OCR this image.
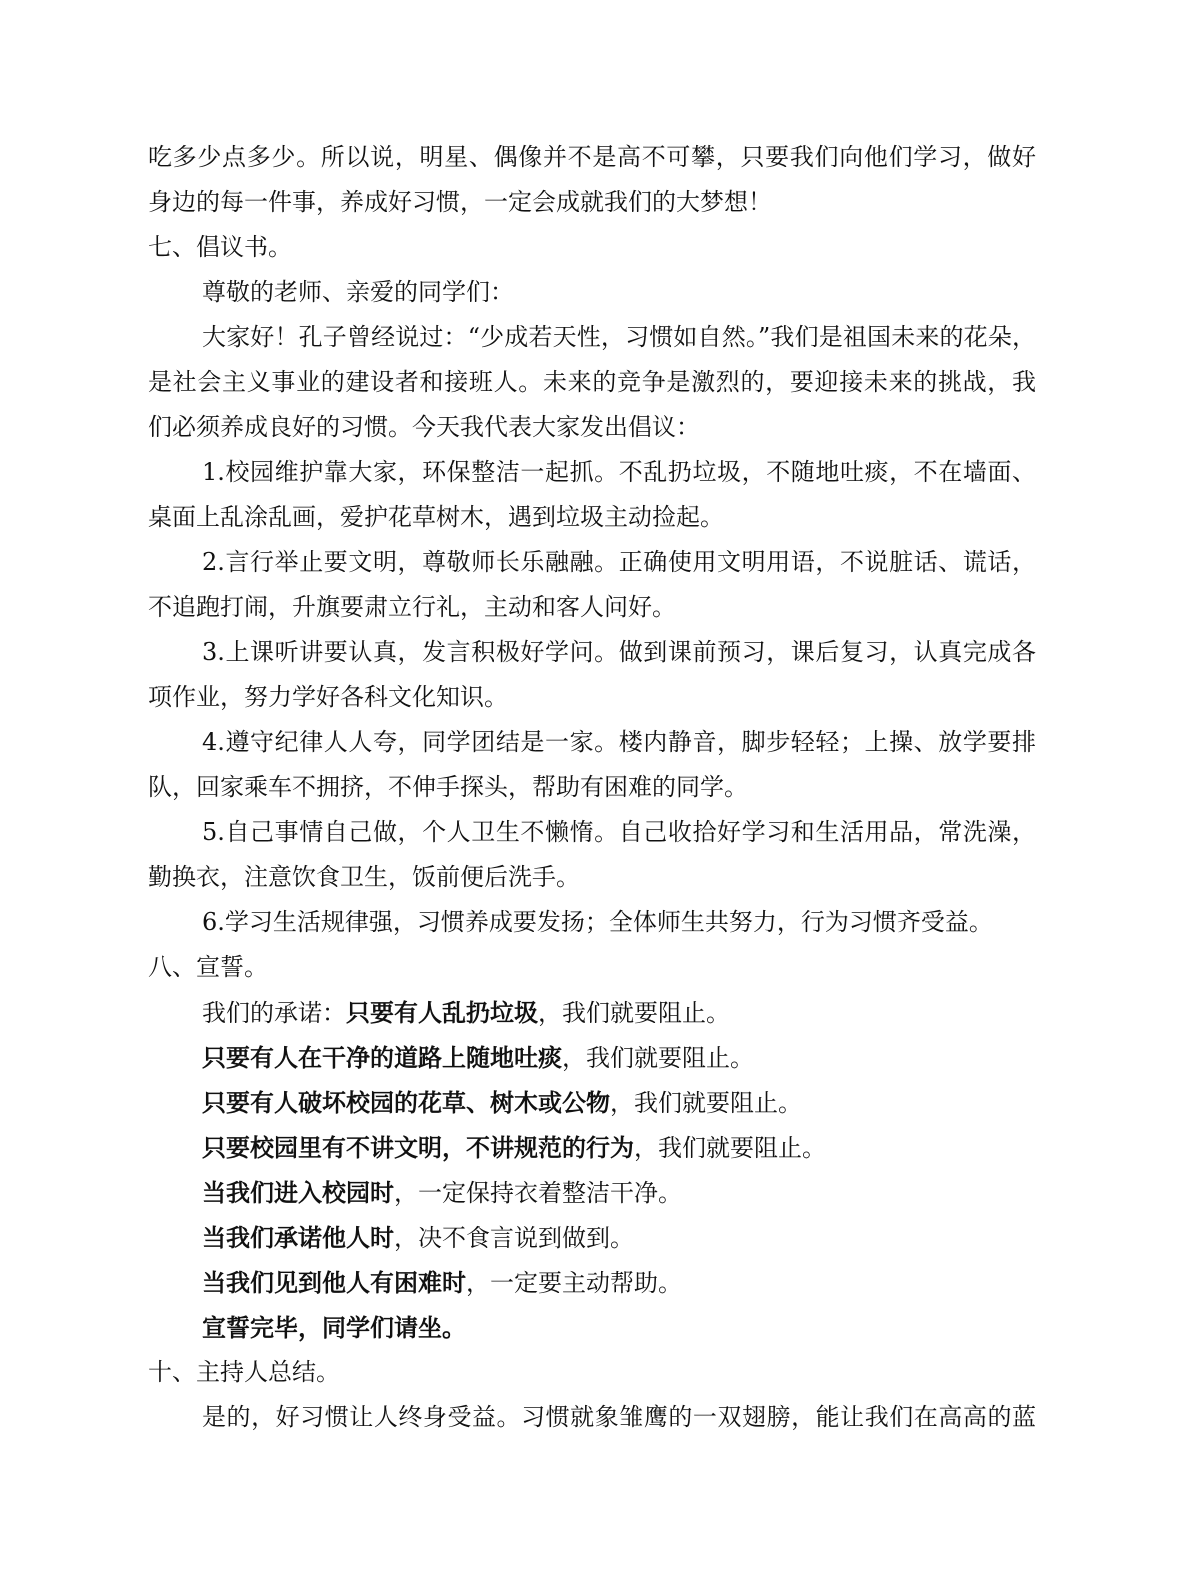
吃多少点多少。所以说，明星、偶像并不是高不可攀，只要我们向他们学习，做好
身边的每一件事，养成好习惯，一定会成就我们的大梦想！
七、倡议书。
尊敬的老师、亲爱的同学们：
大家好！孔子曾经说过：“少成若天性，习惯如自然。”我们是祖国未来的花朵，
是社会主义事业的建设者和接班人。未来的竞争是激烈的，要迎接未来的挑战，我
们必须养成良好的习惯。今天我代表大家发出倡议：
1.校园维护靠大家，环保整洁一起抓。不乱扔垃圾，不随地吐痰，不在墙面、
桌面上乱涂乱画，爱护花草树木，遇到垃圾主动捡起。
2.言行举止要文明，尊敬师长乐融融。正确使用文明用语，不说脏话、谎话，
不追跑打闹，升旗要肃立行礼，主动和客人问好。
3.上课听讲要认真，发言积极好学问。做到课前预习，课后复习，认真完成各
项作业，努力学好各科文化知识。
4.遵守纪律人人夸，同学团结是一家。楼内静音，脚步轻轻；上操、放学要排
队，回家乘车不拥挤，不伸手探头，帮助有困难的同学。
5.自己事情自己做，个人卫生不懒惰。自己收拾好学习和生活用品，常洗澡，
勤换衣，注意饮食卫生，饭前便后洗手。
6.学习生活规律强，习惯养成要发扬；全体师生共努力，行为习惯齐受益。
八、宣誓。
我们的承诺：只要有人乱扔垃圾，我们就要阻止。
只要有人在干净的道路上随地吐痰，我们就要阻止。
只要有人破坏校园的花草、树木或公物，我们就要阻止。
只要校园里有不讲文明，不讲规范的行为，我们就要阻止。
当我们进入校园时，一定保持衣着整洁干净。
当我们承诺他人时，决不食言说到做到。
当我们见到他人有困难时，一定要主动帮助。
宣誓完毕，同学们请坐。
十、主持人总结。
是的，好习惯让人终身受益。习惯就象雏鹰的一双翅膀，能让我们在高高的蓝
